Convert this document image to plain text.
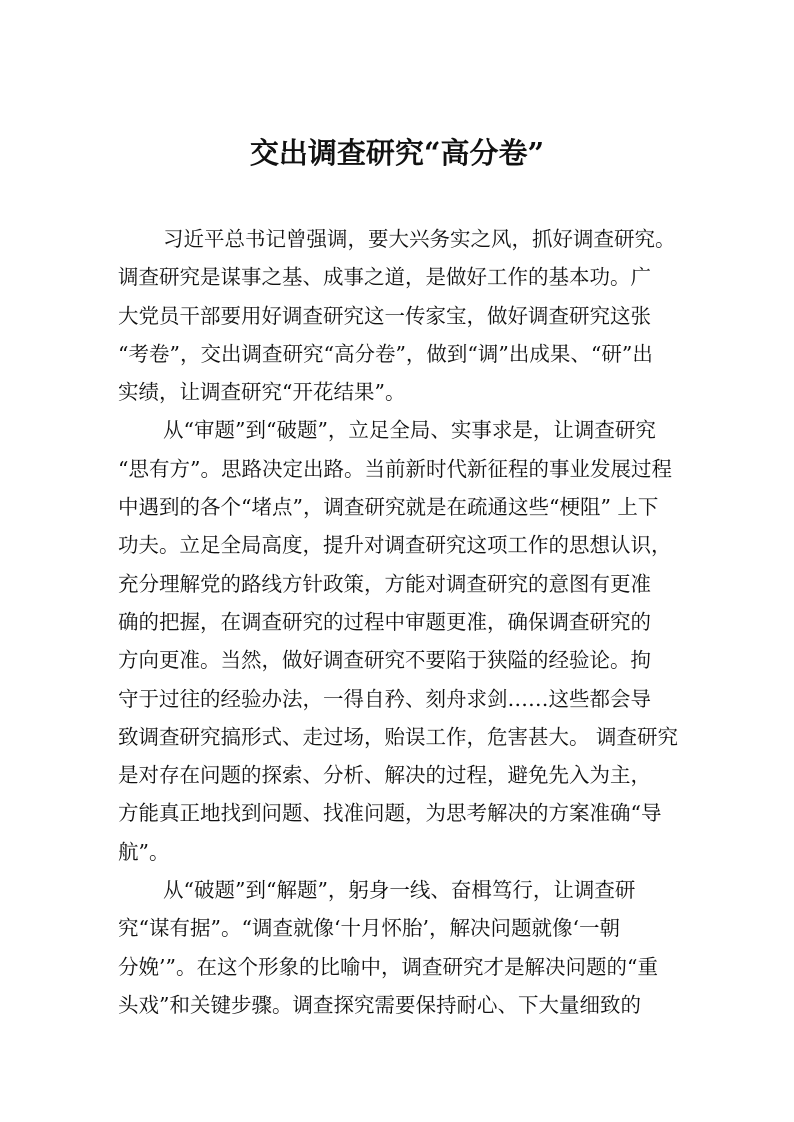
交出调查研究“高分卷”
习近平总书记曾强调，要大兴务实之风，抓好调查研究。
调查研究是谋事之基、成事之道，是做好工作的基本功。广
大党员干部要用好调查研究这一传家宝，做好调查研究这张
“考卷”，交出调查研究“高分卷”，做到“调”出成果、“研”出
实绩，让调查研究“开花结果”。
从“审题”到“破题”，立足全局、实事求是，让调查研究
“思有方”。思路决定出路。当前新时代新征程的事业发展过程
中遇到的各个“堵点”，调查研究就是在疏通这些“梗阻” 上下
功夫。立足全局高度，提升对调查研究这项工作的思想认识，
充分理解党的路线方针政策，方能对调查研究的意图有更准
确的把握，在调查研究的过程中审题更准，确保调查研究的
方向更准。当然，做好调查研究不要陷于狭隘的经验论。拘
守于过往的经验办法，一得自矜、刻舟求剑……这些都会导
致调查研究搞形式、走过场，贻误工作，危害甚大。 调查研究
是对存在问题的探索、分析、解决的过程，避免先入为主，
方能真正地找到问题、找准问题，为思考解决的方案准确“导
航”。
从“破题”到“解题”，躬身一线、奋楫笃行，让调查研
究“谋有据”。“调查就像‘十月怀胎’，解决问题就像‘一朝
分娩’”。在这个形象的比喻中，调查研究才是解决问题的“重
头戏”和关键步骤。调查探究需要保持耐心、下大量细致的
